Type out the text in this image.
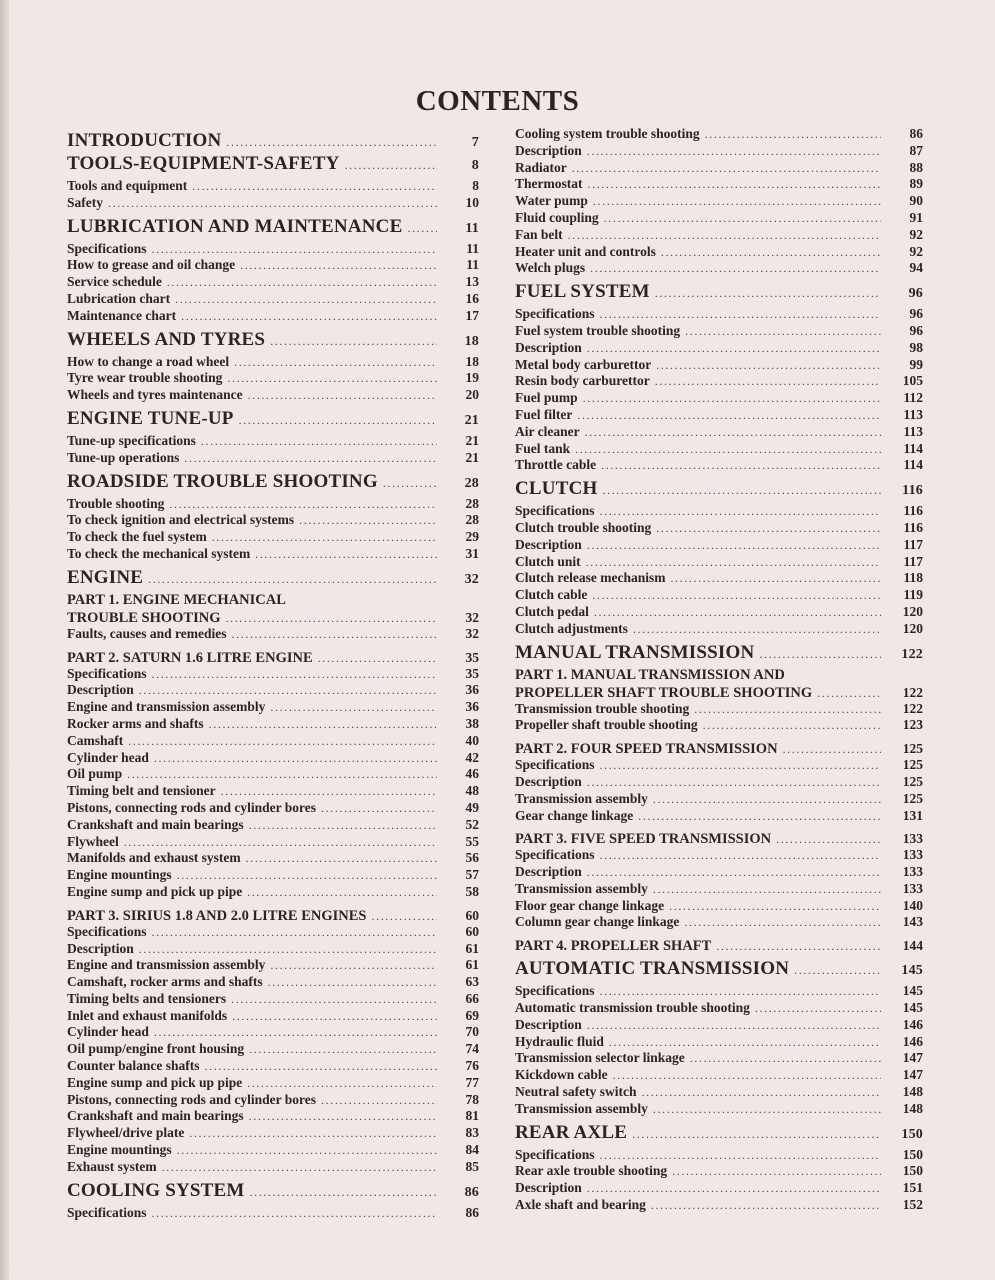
CONTENTS
INTRODUCTION .....	7
TOOLS-EQUIPMENT-SAFETY .....	8
Tools and equipment .....	8
Safety .....	10
LUBRICATION AND MAINTENANCE .....	11
Specifications .....	11
How to grease and oil change .....	11
Service schedule .....	13
Lubrication chart .....	16
Maintenance chart .....	17
WHEELS AND TYRES .....	18
How to change a road wheel .....	18
Tyre wear trouble shooting .....	19
Wheels and tyres maintenance .....	20
ENGINE TUNE-UP .....	21
Tune-up specifications .....	21
Tune-up operations .....	21
ROADSIDE TROUBLE SHOOTING .....	28
Trouble shooting .....	28
To check ignition and electrical systems .....	28
To check the fuel system .....	29
To check the mechanical system .....	31
ENGINE .....	32
PART 1. ENGINE MECHANICAL
TROUBLE SHOOTING .....	32
Faults, causes and remedies .....	32
PART 2. SATURN 1.6 LITRE ENGINE .....	35
Specifications .....	35
Description .....	36
Engine and transmission assembly .....	36
Rocker arms and shafts .....	38
Camshaft .....	40
Cylinder head .....	42
Oil pump .....	46
Timing belt and tensioner .....	48
Pistons, connecting rods and cylinder bores .....	49
Crankshaft and main bearings .....	52
Flywheel .....	55
Manifolds and exhaust system .....	56
Engine mountings .....	57
Engine sump and pick up pipe .....	58
PART 3. SIRIUS 1.8 AND 2.0 LITRE ENGINES .....	60
Specifications .....	60
Description .....	61
Engine and transmission assembly .....	61
Camshaft, rocker arms and shafts .....	63
Timing belts and tensioners .....	66
Inlet and exhaust manifolds .....	69
Cylinder head .....	70
Oil pump/engine front housing .....	74
Counter balance shafts .....	76
Engine sump and pick up pipe .....	77
Pistons, connecting rods and cylinder bores .....	78
Crankshaft and main bearings .....	81
Flywheel/drive plate .....	83
Engine mountings .....	84
Exhaust system .....	85
COOLING SYSTEM .....	86
Specifications .....	86
Cooling system trouble shooting .....	86
Description .....	87
Radiator .....	88
Thermostat .....	89
Water pump .....	90
Fluid coupling .....	91
Fan belt .....	92
Heater unit and controls .....	92
Welch plugs .....	94
FUEL SYSTEM .....	96
Specifications .....	96
Fuel system trouble shooting .....	96
Description .....	98
Metal body carburettor .....	99
Resin body carburettor .....	105
Fuel pump .....	112
Fuel filter .....	113
Air cleaner .....	113
Fuel tank .....	114
Throttle cable .....	114
CLUTCH .....	116
Specifications .....	116
Clutch trouble shooting .....	116
Description .....	117
Clutch unit .....	117
Clutch release mechanism .....	118
Clutch cable .....	119
Clutch pedal .....	120
Clutch adjustments .....	120
MANUAL TRANSMISSION .....	122
PART 1. MANUAL TRANSMISSION AND
PROPELLER SHAFT TROUBLE SHOOTING .....	122
Transmission trouble shooting .....	122
Propeller shaft trouble shooting .....	123
PART 2. FOUR SPEED TRANSMISSION .....	125
Specifications .....	125
Description .....	125
Transmission assembly .....	125
Gear change linkage .....	131
PART 3. FIVE SPEED TRANSMISSION .....	133
Specifications .....	133
Description .....	133
Transmission assembly .....	133
Floor gear change linkage .....	140
Column gear change linkage .....	143
PART 4. PROPELLER SHAFT .....	144
AUTOMATIC TRANSMISSION .....	145
Specifications .....	145
Automatic transmission trouble shooting .....	145
Description .....	146
Hydraulic fluid .....	146
Transmission selector linkage .....	147
Kickdown cable .....	147
Neutral safety switch .....	148
Transmission assembly .....	148
REAR AXLE .....	150
Specifications .....	150
Rear axle trouble shooting .....	150
Description .....	151
Axle shaft and bearing .....	152
